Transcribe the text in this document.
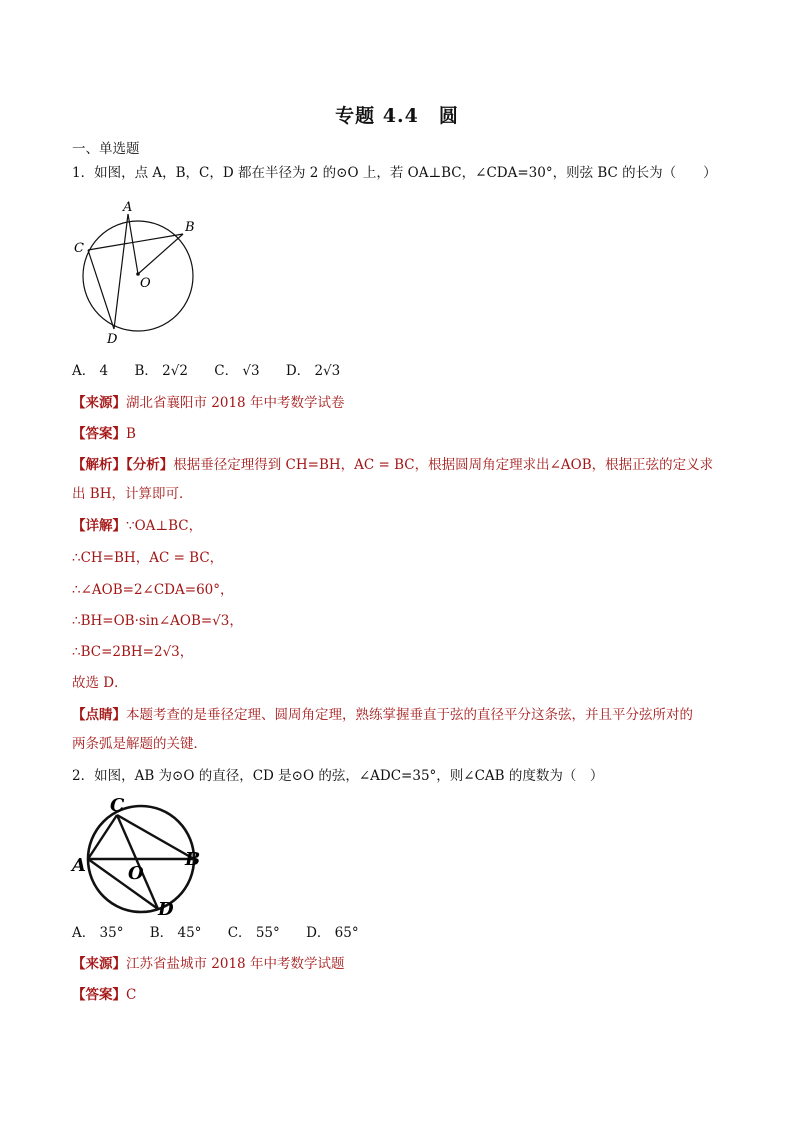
专题 4.4　圆
一、单选题
1．如图，点 A，B，C，D 都在半径为 2 的⊙O 上，若 OA⊥BC，∠CDA=30°，则弦 BC 的长为（　　）
A
B
C
D
O
A． 4 B． 2√2 C． √3 D． 2√3
【来源】湖北省襄阳市 2018 年中考数学试卷
【答案】B
【解析】【分析】根据垂径定理得到 CH=BH，AC = BC，根据圆周角定理求出∠AOB，根据正弦的定义求
出 BH，计算即可．
【详解】∵OA⊥BC，
∴CH=BH，AC = BC，
∴∠AOB=2∠CDA=60°，
∴BH=OB·sin∠AOB=√3，
∴BC=2BH=2√3，
故选 D．
【点睛】本题考查的是垂径定理、圆周角定理，熟练掌握垂直于弦的直径平分这条弦，并且平分弦所对的
两条弧是解题的关键．
2．如图，AB 为⊙O 的直径，CD 是⊙O 的弦，∠ADC=35°，则∠CAB 的度数为（　）
C
A	B
D
O
A． 35° B． 45° C． 55° D． 65°
【来源】江苏省盐城市 2018 年中考数学试题
【答案】C
